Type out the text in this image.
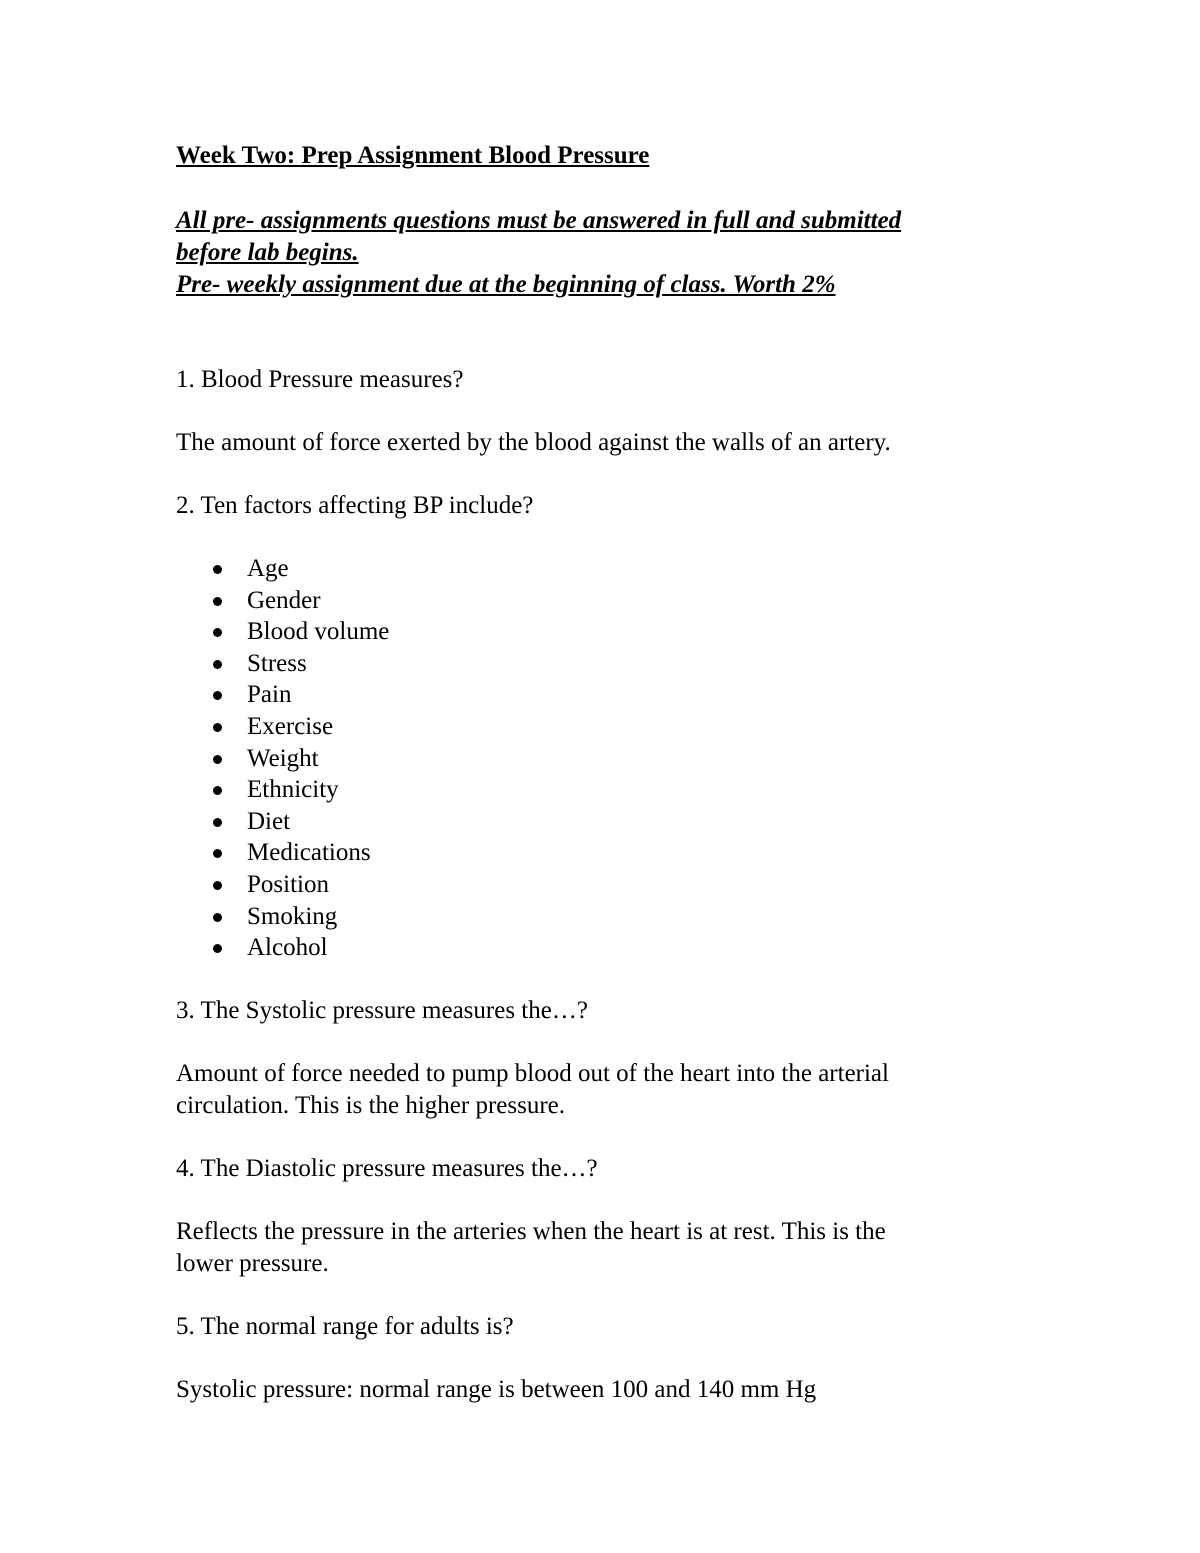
Week Two: Prep Assignment Blood Pressure

All pre- assignments questions must be answered in full and submitted

before lab begins.

Pre- weekly assignment due at the beginning of class. Worth 2%

1. Blood Pressure measures?

The amount of force exerted by the blood against the walls of an artery.

2. Ten factors affecting BP include?

Age
Gender
Blood volume
Stress
Pain
Exercise
Weight
Ethnicity
Diet
Medications
Position
Smoking
Alcohol

3. The Systolic pressure measures the…?

Amount of force needed to pump blood out of the heart into the arterial

circulation. This is the higher pressure.

4. The Diastolic pressure measures the…?

Reflects the pressure in the arteries when the heart is at rest. This is the

lower pressure.

5. The normal range for adults is?

Systolic pressure: normal range is between 100 and 140 mm Hg
